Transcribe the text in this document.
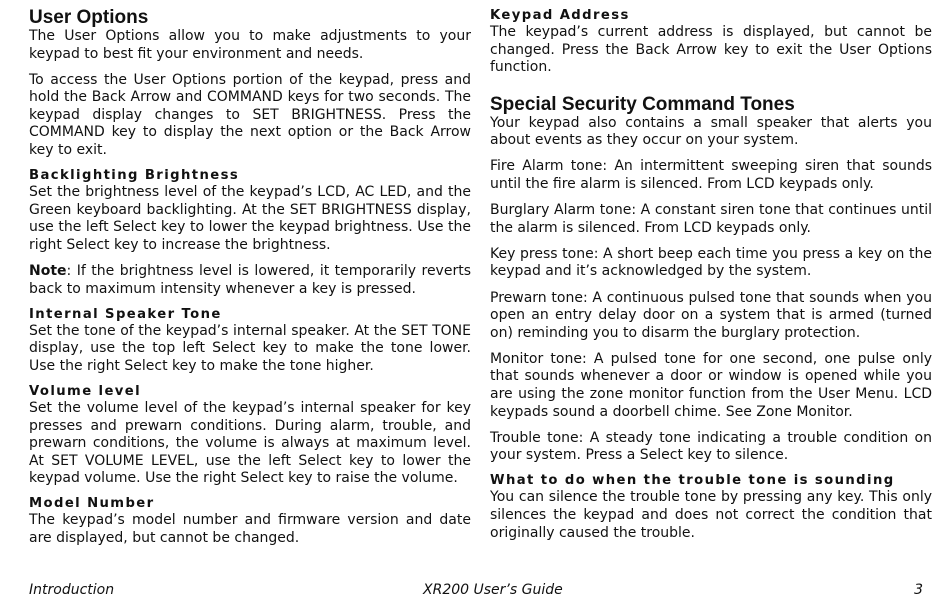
User Options

The User Options allow you to make adjustments to your keypad to best fit your environment and needs.

To access the User Options portion of the keypad, press and hold the Back Arrow and COMMAND keys for two seconds. The keypad display changes to SET BRIGHTNESS. Press the COMMAND key to display the next option or the Back Arrow key to exit.

Backlighting Brightness

Set the brightness level of the keypad’s LCD, AC LED, and the Green keyboard backlighting. At the SET BRIGHTNESS display, use the left Select key to lower the keypad brightness. Use the right Select key to increase the brightness.

Note: If the brightness level is lowered, it temporarily reverts back to maximum intensity whenever a key is pressed.

Internal Speaker Tone

Set the tone of the keypad’s internal speaker. At the SET TONE display, use the top left Select key to make the tone lower. Use the right Select key to make the tone higher.

Volume level

Set the volume level of the keypad’s internal speaker for key presses and prewarn conditions. During alarm, trouble, and prewarn conditions, the volume is always at maximum level. At SET VOLUME LEVEL, use the left Select key to lower the keypad volume. Use the right Select key to raise the volume.

Model Number

The keypad’s model number and firmware version and date are displayed, but cannot be changed.

Keypad Address

The keypad’s current address is displayed, but cannot be changed. Press the Back Arrow key to exit the User Options function.

Special Security Command Tones

Your keypad also contains a small speaker that alerts you about events as they occur on your system.

Fire Alarm tone: An intermittent sweeping siren that sounds until the fire alarm is silenced. From LCD keypads only.

Burglary Alarm tone: A constant siren tone that continues until the alarm is silenced. From LCD keypads only.

Key press tone: A short beep each time you press a key on the keypad and it’s acknowledged by the system.

Prewarn tone: A continuous pulsed tone that sounds when you open an entry delay door on a system that is armed (turned on) reminding you to disarm the burglary protection.

Monitor tone: A pulsed tone for one second, one pulse only that sounds whenever a door or window is opened while you are using the zone monitor function from the User Menu. LCD keypads sound a doorbell chime. See Zone Monitor.

Trouble tone: A steady tone indicating a trouble condition on your system. Press a Select key to silence.

What to do when the trouble tone is sounding

You can silence the trouble tone by pressing any key. This only silences the keypad and does not correct the condition that originally caused the trouble.

Introduction	XR200 User’s Guide	3
